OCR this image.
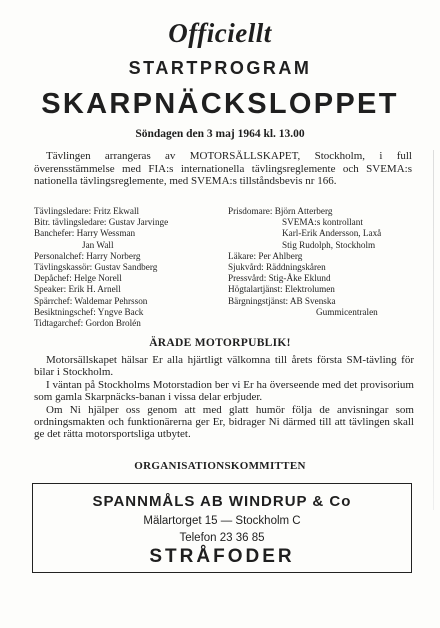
Officiellt
STARTPROGRAM
SKARPNÄCKSLOPPET
Söndagen den 3 maj 1964 kl. 13.00
Tävlingen arrangeras av MOTORSÄLLSKAPET, Stockholm, i full överensstämmelse med FIA:s internationella tävlingsreglemente och SVEMA:s nationella tävlingsreglemente, med SVEMA:s tillståndsbevis nr 166.
Tävlingsledare: Fritz Ekwall
Bitr. tävlingsledare: Gustav Jarvinge
Banchefer: Harry Wessman
Jan Wall
Personalchef: Harry Norberg
Tävlingskassör: Gustav Sandberg
Depåchef: Helge Norell
Speaker: Erik H. Arnell
Spärrchef: Waldemar Pehrsson
Besiktningschef: Yngve Back
Tidtagarchef: Gordon Brolén
Prisdomare: Björn Atterberg
SVEMA:s kontrollant
Karl-Erik Andersson, Laxå
Stig Rudolph, Stockholm
Läkare: Per Ahlberg
Sjukvård: Räddningskåren
Pressvård: Stig-Åke Eklund
Högtalartjänst: Elektrolumen
Bärgningstjänst: AB Svenska
Gummicentralen
ÄRADE MOTORPUBLIK!

Motorsällskapet hälsar Er alla hjärtligt välkomna till årets första SM-tävling för bilar i Stockholm.

I väntan på Stockholms Motorstadion ber vi Er ha överseende med det provisorium som gamla Skarpnäcks-banan i vissa delar erbjuder.

Om Ni hjälper oss genom att med glatt humör följa de anvisningar som ordningsmakten och funktionärerna ger Er, bidrager Ni därmed till att tävlingen skall ge det rätta motorsportsliga utbytet.

ORGANISATIONSKOMMITTEN
SPANNMÅLS AB WINDRUP & Co
Mälartorget 15 — Stockholm C
Telefon 23 36 85
STRÅFODER
